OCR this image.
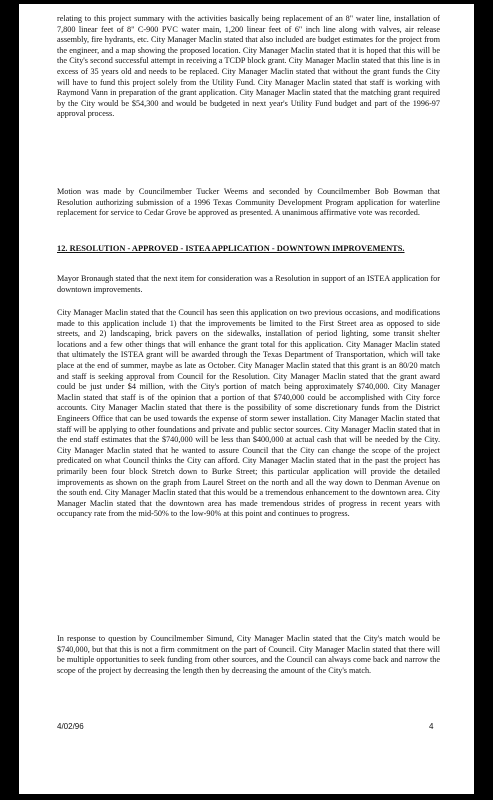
relating to this project summary with the activities basically being replacement of an 8" water line, installation of 7,800 linear feet of 8" C-900 PVC water main, 1,200 linear feet of 6" inch line along with valves, air release assembly, fire hydrants, etc. City Manager Maclin stated that also included are budget estimates for the project from the engineer, and a map showing the proposed location. City Manager Maclin stated that it is hoped that this will be the City's second successful attempt in receiving a TCDP block grant. City Manager Maclin stated that this line is in excess of 35 years old and needs to be replaced. City Manager Maclin stated that without the grant funds the City will have to fund this project solely from the Utility Fund. City Manager Maclin stated that staff is working with Raymond Vann in preparation of the grant application. City Manager Maclin stated that the matching grant required by the City would be $54,300 and would be budgeted in next year's Utility Fund budget and part of the 1996-97 approval process.

Motion was made by Councilmember Tucker Weems and seconded by Councilmember Bob Bowman that Resolution authorizing submission of a 1996 Texas Community Development Program application for waterline replacement for service to Cedar Grove be approved as presented. A unanimous affirmative vote was recorded.

12. RESOLUTION - APPROVED - ISTEA APPLICATION - DOWNTOWN IMPROVEMENTS.

Mayor Bronaugh stated that the next item for consideration was a Resolution in support of an ISTEA application for downtown improvements.

City Manager Maclin stated that the Council has seen this application on two previous occasions, and modifications made to this application include 1) that the improvements be limited to the First Street area as opposed to side streets, and 2) landscaping, brick pavers on the sidewalks, installation of period lighting, some transit shelter locations and a few other things that will enhance the grant total for this application. City Manager Maclin stated that ultimately the ISTEA grant will be awarded through the Texas Department of Transportation, which will take place at the end of summer, maybe as late as October. City Manager Maclin stated that this grant is an 80/20 match and staff is seeking approval from Council for the Resolution. City Manager Maclin stated that the grant award could be just under $4 million, with the City's portion of match being approximately $740,000. City Manager Maclin stated that staff is of the opinion that a portion of that $740,000 could be accomplished with City force accounts. City Manager Maclin stated that there is the possibility of some discretionary funds from the District Engineers Office that can be used towards the expense of storm sewer installation. City Manager Maclin stated that staff will be applying to other foundations and private and public sector sources. City Manager Maclin stated that in the end staff estimates that the $740,000 will be less than $400,000 at actual cash that will be needed by the City. City Manager Maclin stated that he wanted to assure Council that the City can change the scope of the project predicated on what Council thinks the City can afford. City Manager Maclin stated that in the past the project has primarily been four block Stretch down to Burke Street; this particular application will provide the detailed improvements as shown on the graph from Laurel Street on the north and all the way down to Denman Avenue on the south end. City Manager Maclin stated that this would be a tremendous enhancement to the downtown area. City Manager Maclin stated that the downtown area has made tremendous strides of progress in recent years with occupancy rate from the mid-50% to the low-90% at this point and continues to progress.

In response to question by Councilmember Simund, City Manager Maclin stated that the City's match would be $740,000, but that this is not a firm commitment on the part of Council. City Manager Maclin stated that there will be multiple opportunities to seek funding from other sources, and the Council can always come back and narrow the scope of the project by decreasing the length then by decreasing the amount of the City's match.

4/02/96	4
